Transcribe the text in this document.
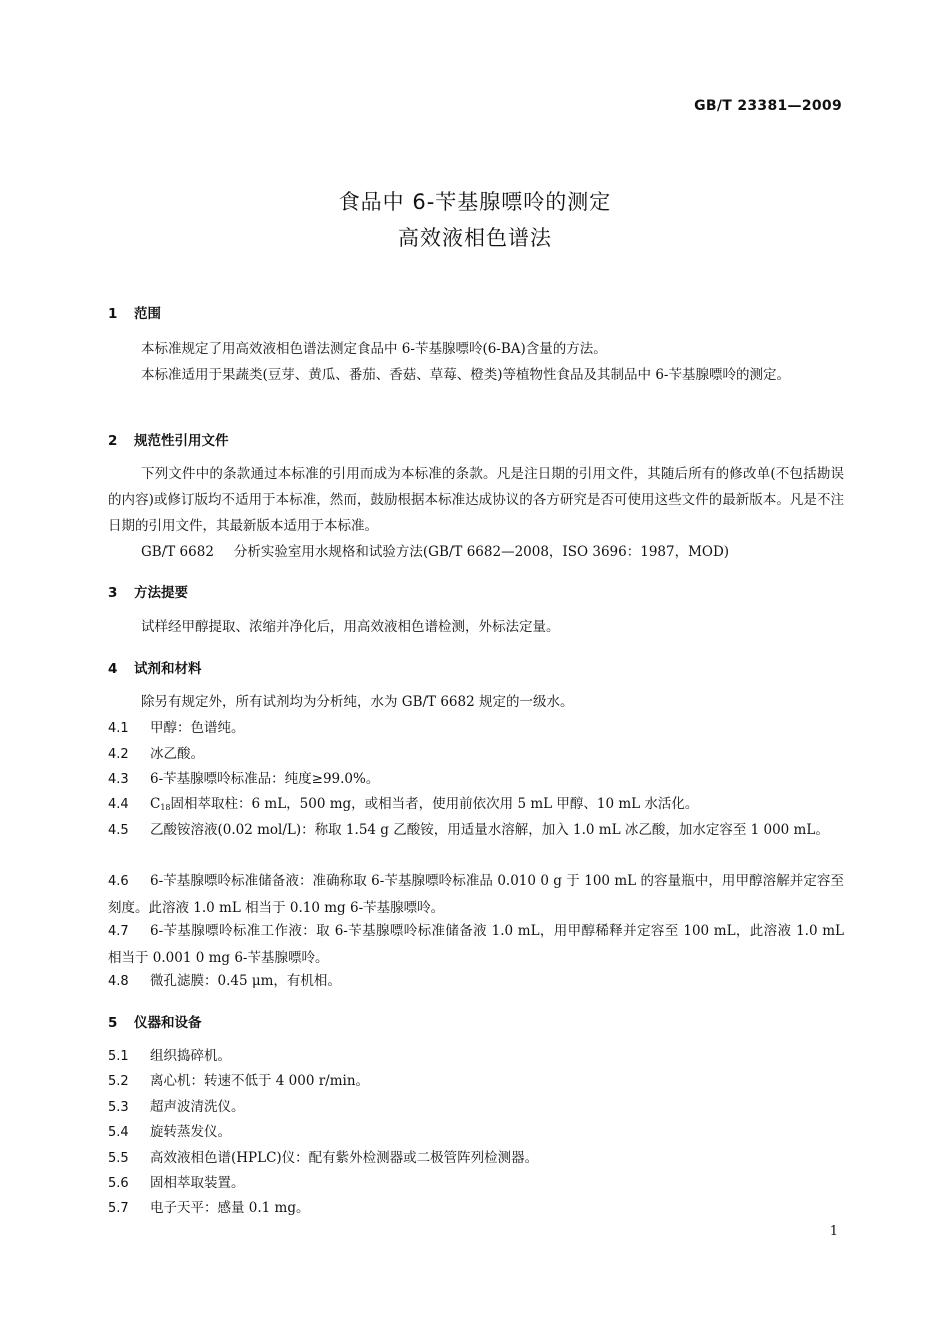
GB/T 23381—2009
食品中 6-苄基腺嘌呤的测定
高效液相色谱法
1 范围
本标准规定了用高效液相色谱法测定食品中 6-苄基腺嘌呤(6-BA)含量的方法。
本标准适用于果蔬类(豆芽、黄瓜、番茄、香菇、草莓、橙类)等植物性食品及其制品中 6-苄基腺嘌呤的测定。
2 规范性引用文件
下列文件中的条款通过本标准的引用而成为本标准的条款。凡是注日期的引用文件，其随后所有的修改单(不包括勘误的内容)或修订版均不适用于本标准，然而，鼓励根据本标准达成协议的各方研究是否可使用这些文件的最新版本。凡是不注日期的引用文件，其最新版本适用于本标准。
GB/T 6682 分析实验室用水规格和试验方法(GB/T 6682—2008，ISO 3696：1987，MOD)
3 方法提要
试样经甲醇提取、浓缩并净化后，用高效液相色谱检测，外标法定量。
4 试剂和材料
除另有规定外，所有试剂均为分析纯，水为 GB/T 6682 规定的一级水。
4.1 甲醇：色谱纯。
4.2 冰乙酸。
4.3 6-苄基腺嘌呤标准品：纯度≥99.0%。
4.4 $C_{18}$固相萃取柱：6 mL，500 mg，或相当者，使用前依次用 5 mL 甲醇、10 mL 水活化。
4.5 乙酸铵溶液(0.02 mol/L)：称取 1.54 g 乙酸铵，用适量水溶解，加入 1.0 mL 冰乙酸，加水定容至 1 000 mL。
4.6 6-苄基腺嘌呤标准储备液：准确称取 6-苄基腺嘌呤标准品 0.010 0 g 于 100 mL 的容量瓶中，用甲醇溶解并定容至刻度。此溶液 1.0 mL 相当于 0.10 mg 6-苄基腺嘌呤。
4.7 6-苄基腺嘌呤标准工作液：取 6-苄基腺嘌呤标准储备液 1.0 mL，用甲醇稀释并定容至 100 mL，此溶液 1.0 mL 相当于 0.001 0 mg 6-苄基腺嘌呤。
4.8 微孔滤膜：0.45 μm，有机相。
5 仪器和设备
5.1 组织捣碎机。
5.2 离心机：转速不低于 4 000 r/min。
5.3 超声波清洗仪。
5.4 旋转蒸发仪。
5.5 高效液相色谱(HPLC)仪：配有紫外检测器或二极管阵列检测器。
5.6 固相萃取装置。
5.7 电子天平：感量 0.1 mg。
1
